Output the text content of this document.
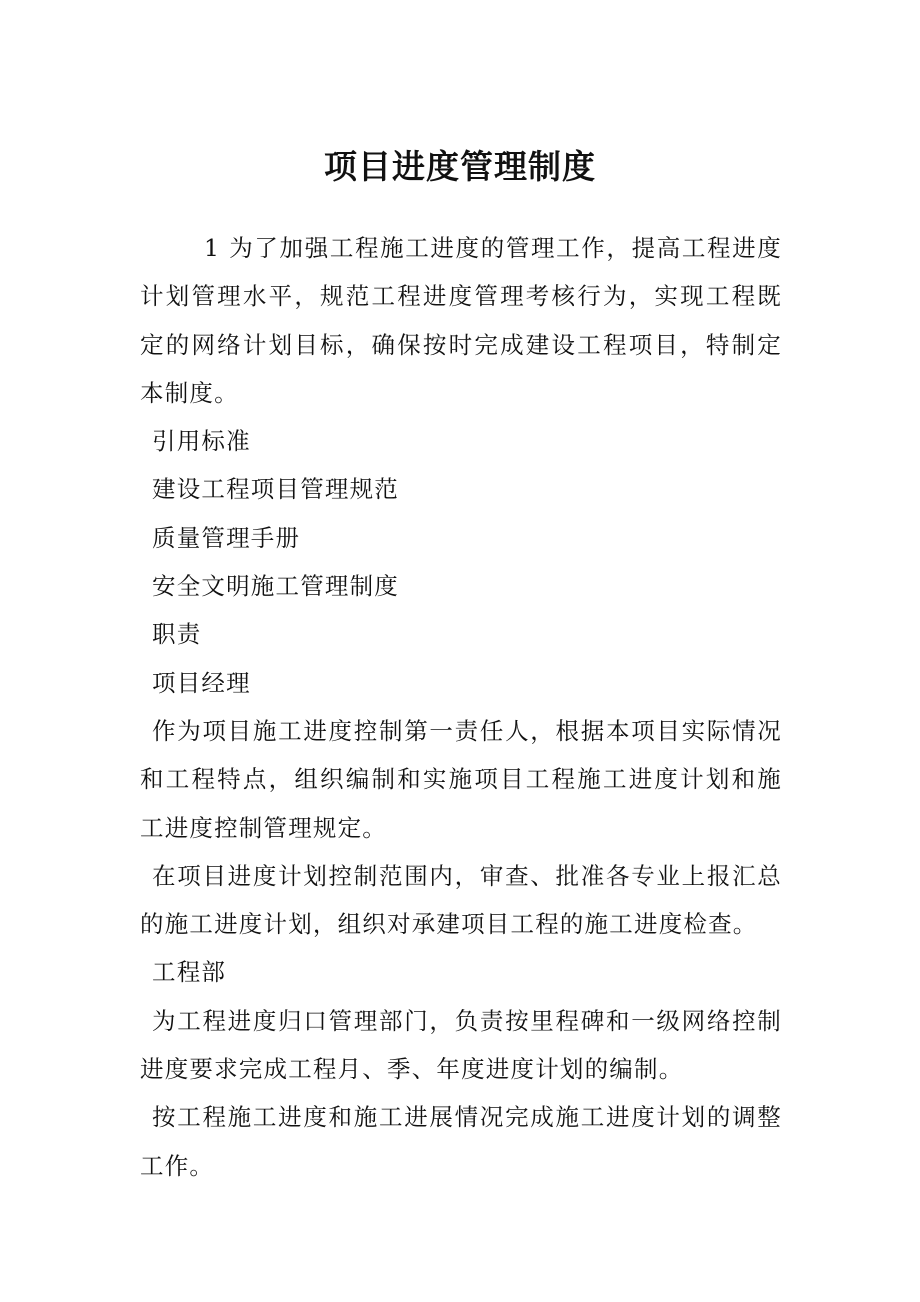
项目进度管理制度

1 为了加强工程施工进度的管理工作，提高工程进度计划管理水平，规范工程进度管理考核行为，实现工程既定的网络计划目标，确保按时完成建设工程项目，特制定本制度。

引用标准

建设工程项目管理规范

质量管理手册

安全文明施工管理制度

职责

项目经理

作为项目施工进度控制第一责任人，根据本项目实际情况和工程特点，组织编制和实施项目工程施工进度计划和施工进度控制管理规定。

在项目进度计划控制范围内，审查、批准各专业上报汇总的施工进度计划，组织对承建项目工程的施工进度检查。

工程部

为工程进度归口管理部门，负责按里程碑和一级网络控制进度要求完成工程月、季、年度进度计划的编制。

按工程施工进度和施工进展情况完成施工进度计划的调整工作。
